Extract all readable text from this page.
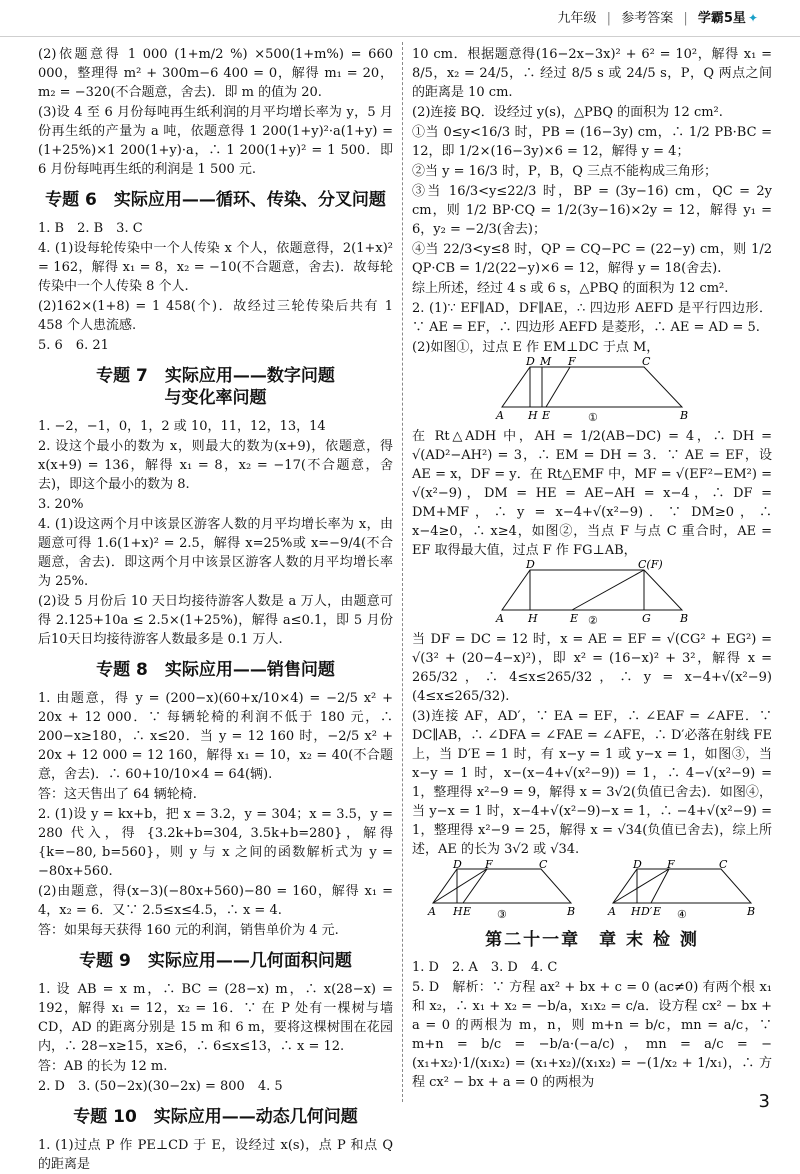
九年级 | 参考答案 | 学霸5星 ✦

(2)依题意得 1 000 (1+m/2 %) ×500(1+m%) = 660 000，整理得 m² + 300m−6 400 = 0，解得 m₁ = 20，m₂ = −320(不合题意，舍去)．即 m 的值为 20.

(3)设 4 至 6 月份每吨再生纸利润的月平均增长率为 y，5 月份再生纸的产量为 a 吨，依题意得 1 200(1+y)²·a(1+y) = (1+25%)×1 200(1+y)·a，∴ 1 200(1+y)² = 1 500．即 6 月份每吨再生纸的利润是 1 500 元.

专题 6　实际应用——循环、传染、分叉问题

1. B　2. B　3. C

4. (1)设每轮传染中一个人传染 x 个人，依题意得，2(1+x)² = 162，解得 x₁ = 8，x₂ = −10(不合题意，舍去)．故每轮传染中一个人传染 8 个人.

(2)162×(1+8) = 1 458(个)．故经过三轮传染后共有 1 458 个人患流感.

5. 6　6. 21

专题 7　实际应用——数字问题
与变化率问题

1. −2，−1，0，1，2 或 10，11，12，13，14

2. 设这个最小的数为 x，则最大的数为(x+9)，依题意，得x(x+9) = 136，解得 x₁ = 8，x₂ = −17(不合题意，舍去)，即这个最小的数为 8.

3. 20%

4. (1)设这两个月中该景区游客人数的月平均增长率为 x，由题意可得 1.6(1+x)² = 2.5，解得 x=25%或 x=−9/4(不合题意，舍去)．即这两个月中该景区游客人数的月平均增长率为 25%.

(2)设 5 月份后 10 天日均接待游客人数是 a 万人，由题意可得 2.125+10a ≤ 2.5×(1+25%)，解得 a≤0.1，即 5 月份后10天日均接待游客人数最多是 0.1 万人.

专题 8　实际应用——销售问题

1. 由题意，得 y = (200−x)(60+x/10×4) = −2/5 x² + 20x + 12 000．∵ 每辆轮椅的利润不低于 180 元，∴ 200−x≥180，∴ x≤20．当 y = 12 160 时，−2/5 x² + 20x + 12 000 = 12 160，解得 x₁ = 10，x₂ = 40(不合题意，舍去)．∴ 60+10/10×4 = 64(辆).

答：这天售出了 64 辆轮椅.

2. (1)设 y = kx+b，把 x = 3.2，y = 304；x = 3.5，y = 280 代入，得 {3.2k+b=304, 3.5k+b=280}，解得 {k=−80, b=560}，则 y 与 x 之间的函数解析式为 y = −80x+560.

(2)由题意，得(x−3)(−80x+560)−80 = 160，解得 x₁ = 4，x₂ = 6．又∵ 2.5≤x≤4.5，∴ x = 4.

答：如果每天获得 160 元的利润，销售单价为 4 元.

专题 9　实际应用——几何面积问题

1. 设 AB = x m，∴ BC = (28−x) m，∴ x(28−x) = 192，解得 x₁ = 12，x₂ = 16．∵ 在 P 处有一棵树与墙 CD，AD 的距离分别是 15 m 和 6 m，要将这棵树围在花园内，∴ 28−x≥15，x≥6，∴ 6≤x≤13，∴ x = 12.

答：AB 的长为 12 m.

2. D　3. (50−2x)(30−2x) = 800　4. 5

专题 10　实际应用——动态几何问题

1. (1)过点 P 作 PE⊥CD 于 E，设经过 x(s)，点 P 和点 Q 的距离是

10 cm．根据题意得(16−2x−3x)² + 6² = 10²，解得 x₁ = 8/5，x₂ = 24/5，∴ 经过 8/5 s 或 24/5 s，P，Q 两点之间的距离是 10 cm.

(2)连接 BQ．设经过 y(s)，△PBQ 的面积为 12 cm².

①当 0≤y<16/3 时，PB = (16−3y) cm，∴ 1/2 PB·BC = 12，即 1/2×(16−3y)×6 = 12，解得 y = 4；

②当 y = 16/3 时，P，B，Q 三点不能构成三角形；

③当 16/3<y≤22/3 时，BP = (3y−16) cm，QC = 2y cm，则 1/2 BP·CQ = 1/2(3y−16)×2y = 12，解得 y₁ = 6，y₂ = −2/3(舍去)；

④当 22/3<y≤8 时，QP = CQ−PC = (22−y) cm，则 1/2 QP·CB = 1/2(22−y)×6 = 12，解得 y = 18(舍去).

综上所述，经过 4 s 或 6 s，△PBQ 的面积为 12 cm².

2. (1)∵ EF∥AD，DF∥AE，∴ 四边形 AEFD 是平行四边形．∵ AE = EF，∴ 四边形 AEFD 是菱形，∴ AE = AD = 5.

(2)如图①，过点 E 作 EM⊥DC 于点 M，

A H E	B
D M F	C
①

在 Rt△ADH 中，AH = 1/2(AB−DC) = 4，∴ DH = √(AD²−AH²) = 3，∴ EM = DH = 3．∵ AE = EF，设 AE = x，DF = y．在 Rt△EMF 中，MF = √(EF²−EM²) = √(x²−9)，DM = HE = AE−AH = x−4，∴ DF = DM+MF，∴ y = x−4+√(x²−9)．∵ DM≥0，∴ x−4≥0，∴ x≥4，如图②，当点 F 与点 C 重合时，AE = EF 取得最大值，过点 F 作 FG⊥AB，

A H	E	G	B
D	C(F)
②

当 DF = DC = 12 时，x = AE = EF = √(CG² + EG²) = √(3² + (20−4−x)²)，即 x² = (16−x)² + 3²，解得 x = 265/32，∴ 4≤x≤265/32，∴ y = x−4+√(x²−9) (4≤x≤265/32).

(3)连接 AF，AD′，∵ EA = EF，∴ ∠EAF = ∠AFE．∵ DC∥AB，∴ ∠DFA = ∠FAE = ∠AFE，∴ D′必落在射线 FE 上，当 D′E = 1 时，有 x−y = 1 或 y−x = 1，如图③，当 x−y = 1 时，x−(x−4+√(x²−9)) = 1，∴ 4−√(x²−9) = 1，整理得 x²−9 = 9，解得 x = 3√2(负值已舍去)．如图④，当 y−x = 1 时，x−4+√(x²−9)−x = 1，∴ −4+√(x²−9) = 1，整理得 x²−9 = 25，解得 x = √34(负值已舍去)，综上所述，AE 的长为 3√2 或 √34.

A H E	B
D F	C
③	A H D′ E	B
D F	C
④
第二十一章　章 末 检 测

1. D　2. A　3. D　4. C

5. D　解析：∵ 方程 ax² + bx + c = 0 (ac≠0) 有两个根 x₁ 和 x₂，∴ x₁ + x₂ = −b/a，x₁x₂ = c/a．设方程 cx² − bx + a = 0 的两根为 m，n，则 m+n = b/c，mn = a/c，∵ m+n = b/c = −b/a·(−a/c)，mn = a/c = −(x₁+x₂)·1/(x₁x₂) = (x₁+x₂)/(x₁x₂) = −(1/x₂ + 1/x₁)，∴ 方程 cx² − bx + a = 0 的两根为

3
